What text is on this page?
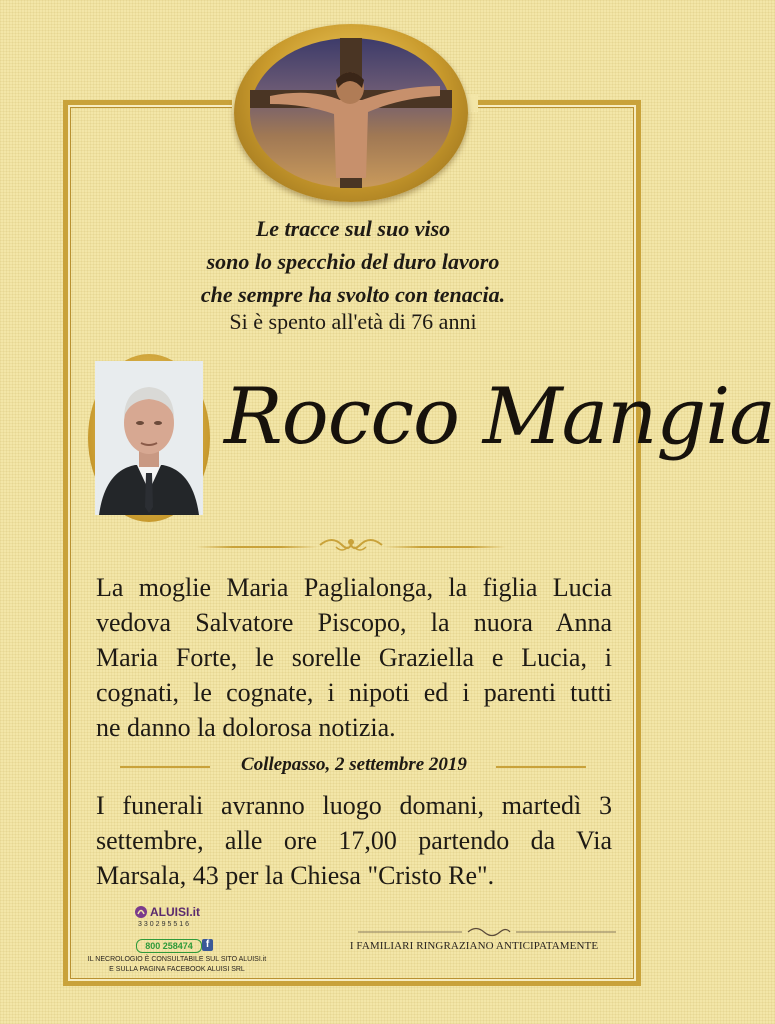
Le tracce sul suo viso
sono lo specchio del duro lavoro
che sempre ha svolto con tenacia.
Si è spento all'età di 76 anni
Rocco Mangia
La moglie Maria Paglialonga, la figlia Lucia
vedova Salvatore Piscopo, la nuora Anna
Maria Forte, le sorelle Graziella e Lucia, i
cognati, le cognate, i nipoti ed i parenti tutti
ne danno la dolorosa notizia.
Collepasso, 2 settembre 2019
I funerali avranno luogo domani, martedì 3
settembre, alle ore 17,00 partendo da Via
Marsala, 43 per la Chiesa "Cristo Re".
I FAMILIARI RINGRAZIANO ANTICIPATAMENTE
ALUISI.it
330295516
800 258474	f
IL NECROLOGIO È CONSULTABILE SUL SITO ALUISI.it
E SULLA PAGINA FACEBOOK ALUISI SRL
